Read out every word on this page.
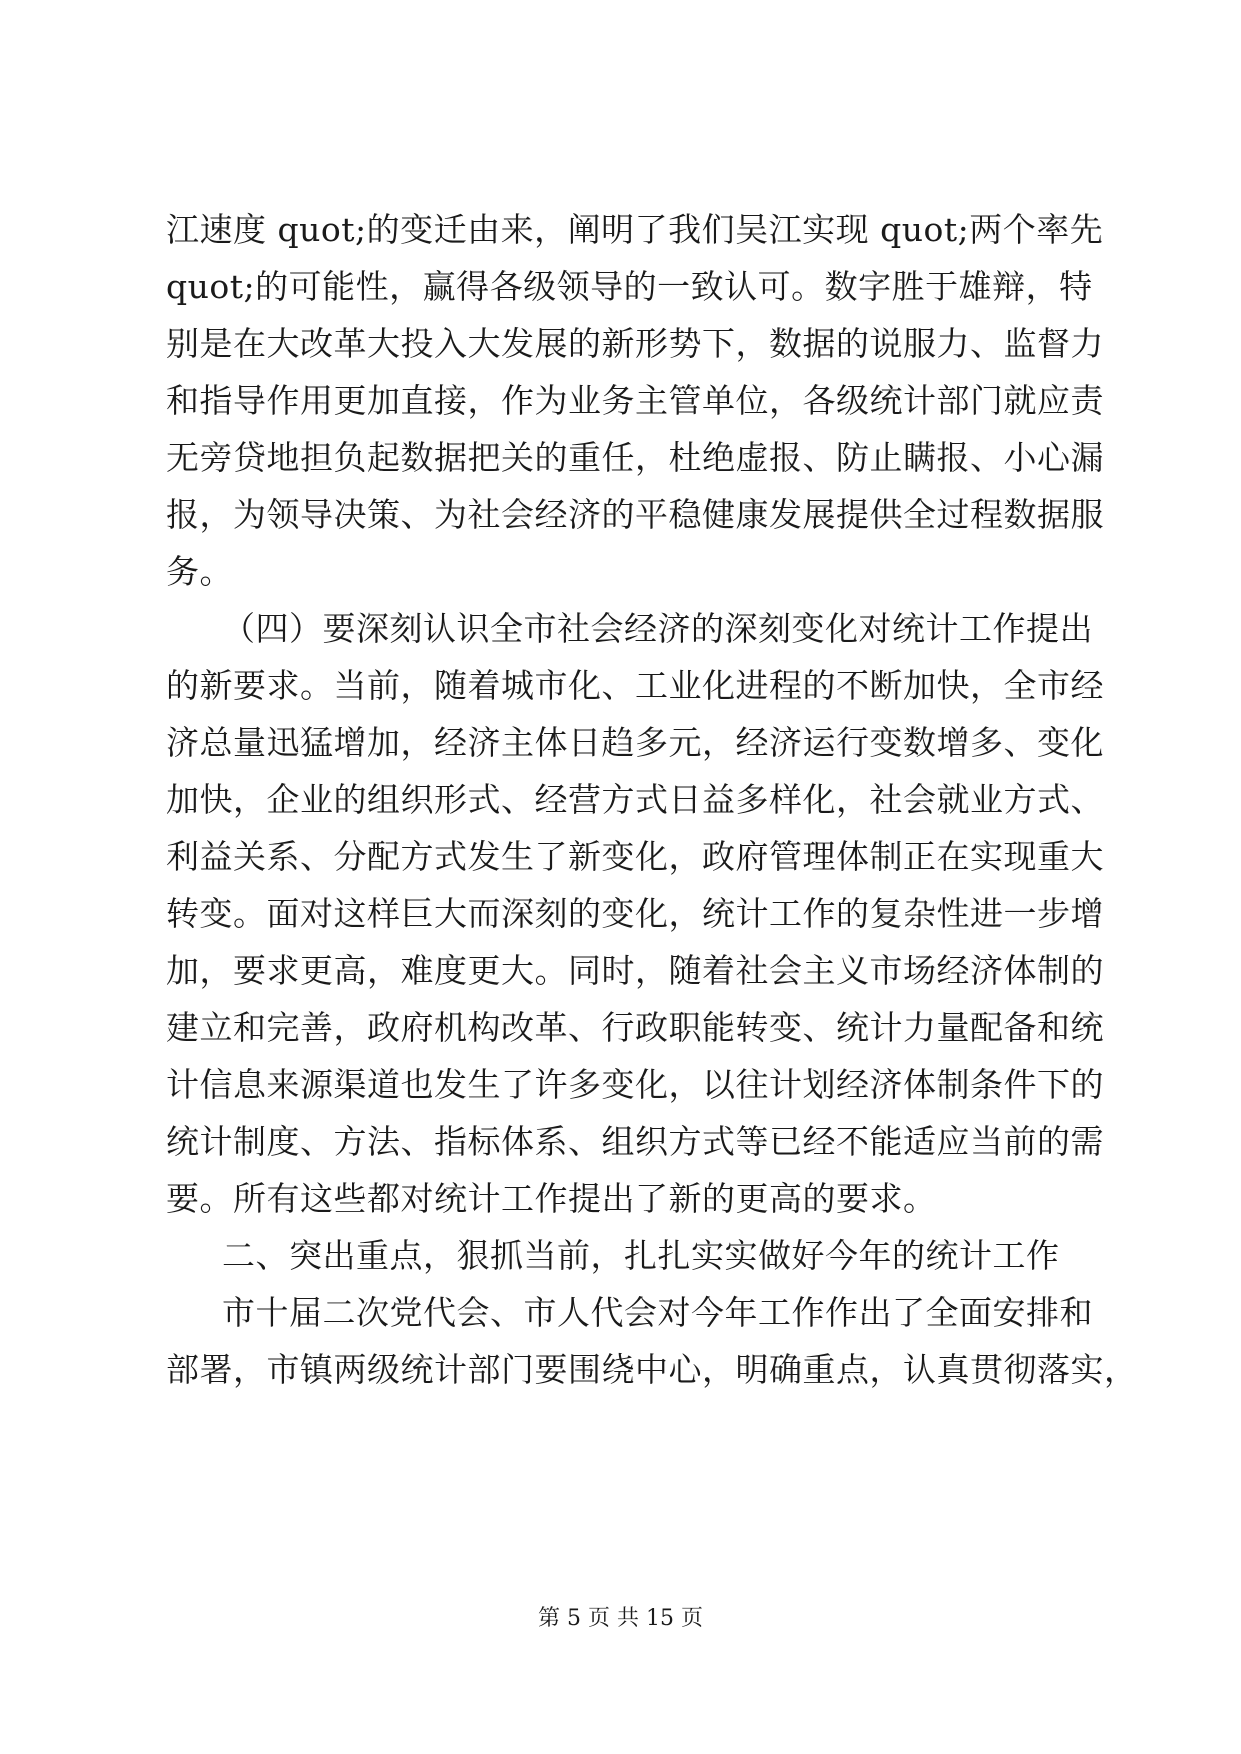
江速度 quot;的变迁由来，阐明了我们吴江实现 quot;两个率先
quot;的可能性，赢得各级领导的一致认可。数字胜于雄辩，特
别是在大改革大投入大发展的新形势下，数据的说服力、监督力
和指导作用更加直接，作为业务主管单位，各级统计部门就应责
无旁贷地担负起数据把关的重任，杜绝虚报、防止瞒报、小心漏
报，为领导决策、为社会经济的平稳健康发展提供全过程数据服
务。
（四）要深刻认识全市社会经济的深刻变化对统计工作提出
的新要求。当前，随着城市化、工业化进程的不断加快，全市经
济总量迅猛增加，经济主体日趋多元，经济运行变数增多、变化
加快，企业的组织形式、经营方式日益多样化，社会就业方式、
利益关系、分配方式发生了新变化，政府管理体制正在实现重大
转变。面对这样巨大而深刻的变化，统计工作的复杂性进一步增
加，要求更高，难度更大。同时，随着社会主义市场经济体制的
建立和完善，政府机构改革、行政职能转变、统计力量配备和统
计信息来源渠道也发生了许多变化，以往计划经济体制条件下的
统计制度、方法、指标体系、组织方式等已经不能适应当前的需
要。所有这些都对统计工作提出了新的更高的要求。
二、突出重点，狠抓当前，扎扎实实做好今年的统计工作
市十届二次党代会、市人代会对今年工作作出了全面安排和
部署，市镇两级统计部门要围绕中心，明确重点，认真贯彻落实，
第 5 页 共 15 页
